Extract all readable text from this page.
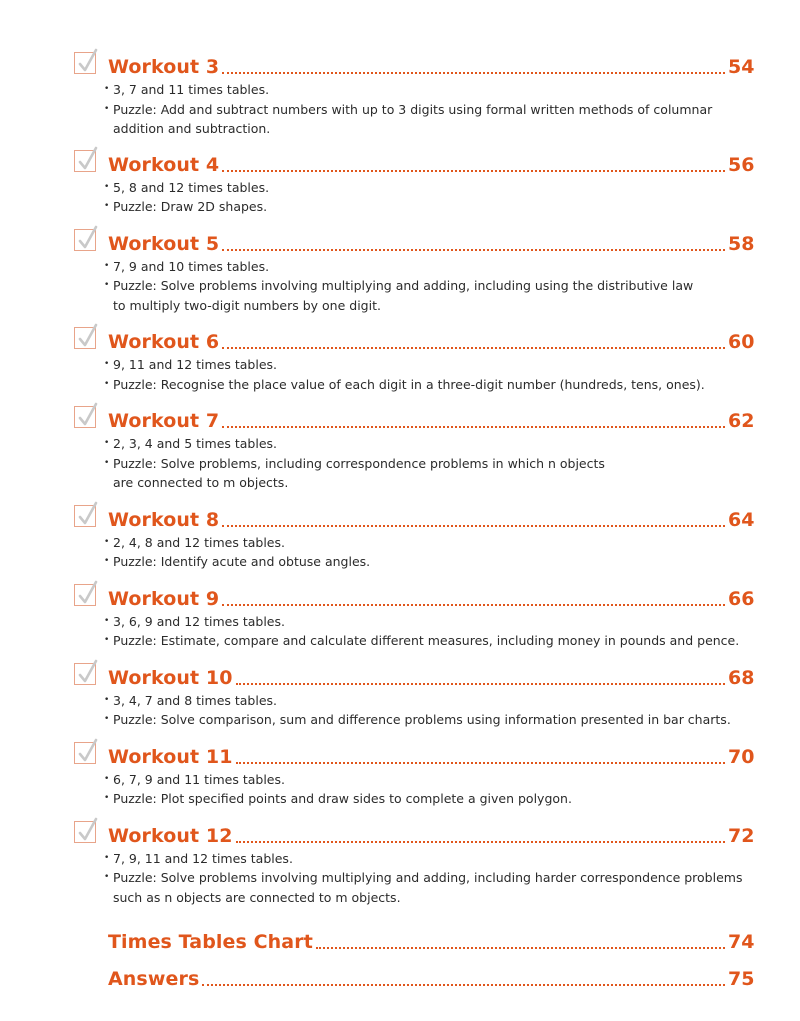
Workout 3	54
• 3, 7 and 11 times tables.
• Puzzle: Add and subtract numbers with up to 3 digits using formal written methods of columnar
addition and subtraction.
Workout 4	56
• 5, 8 and 12 times tables.
• Puzzle: Draw 2D shapes.
Workout 5	58
• 7, 9 and 10 times tables.
• Puzzle: Solve problems involving multiplying and adding, including using the distributive law
to multiply two-digit numbers by one digit.
Workout 6	60
• 9, 11 and 12 times tables.
• Puzzle: Recognise the place value of each digit in a three-digit number (hundreds, tens, ones).
Workout 7	62
• 2, 3, 4 and 5 times tables.
• Puzzle: Solve problems, including correspondence problems in which n objects
are connected to m objects.
Workout 8	64
• 2, 4, 8 and 12 times tables.
• Puzzle: Identify acute and obtuse angles.
Workout 9	66
• 3, 6, 9 and 12 times tables.
• Puzzle: Estimate, compare and calculate different measures, including money in pounds and pence.
Workout 10	68
• 3, 4, 7 and 8 times tables.
• Puzzle: Solve comparison, sum and difference problems using information presented in bar charts.
Workout 11	70
• 6, 7, 9 and 11 times tables.
• Puzzle: Plot specified points and draw sides to complete a given polygon.
Workout 12	72
• 7, 9, 11 and 12 times tables.
• Puzzle: Solve problems involving multiplying and adding, including harder correspondence problems
such as n objects are connected to m objects.
Times Tables Chart	74
Answers	75
